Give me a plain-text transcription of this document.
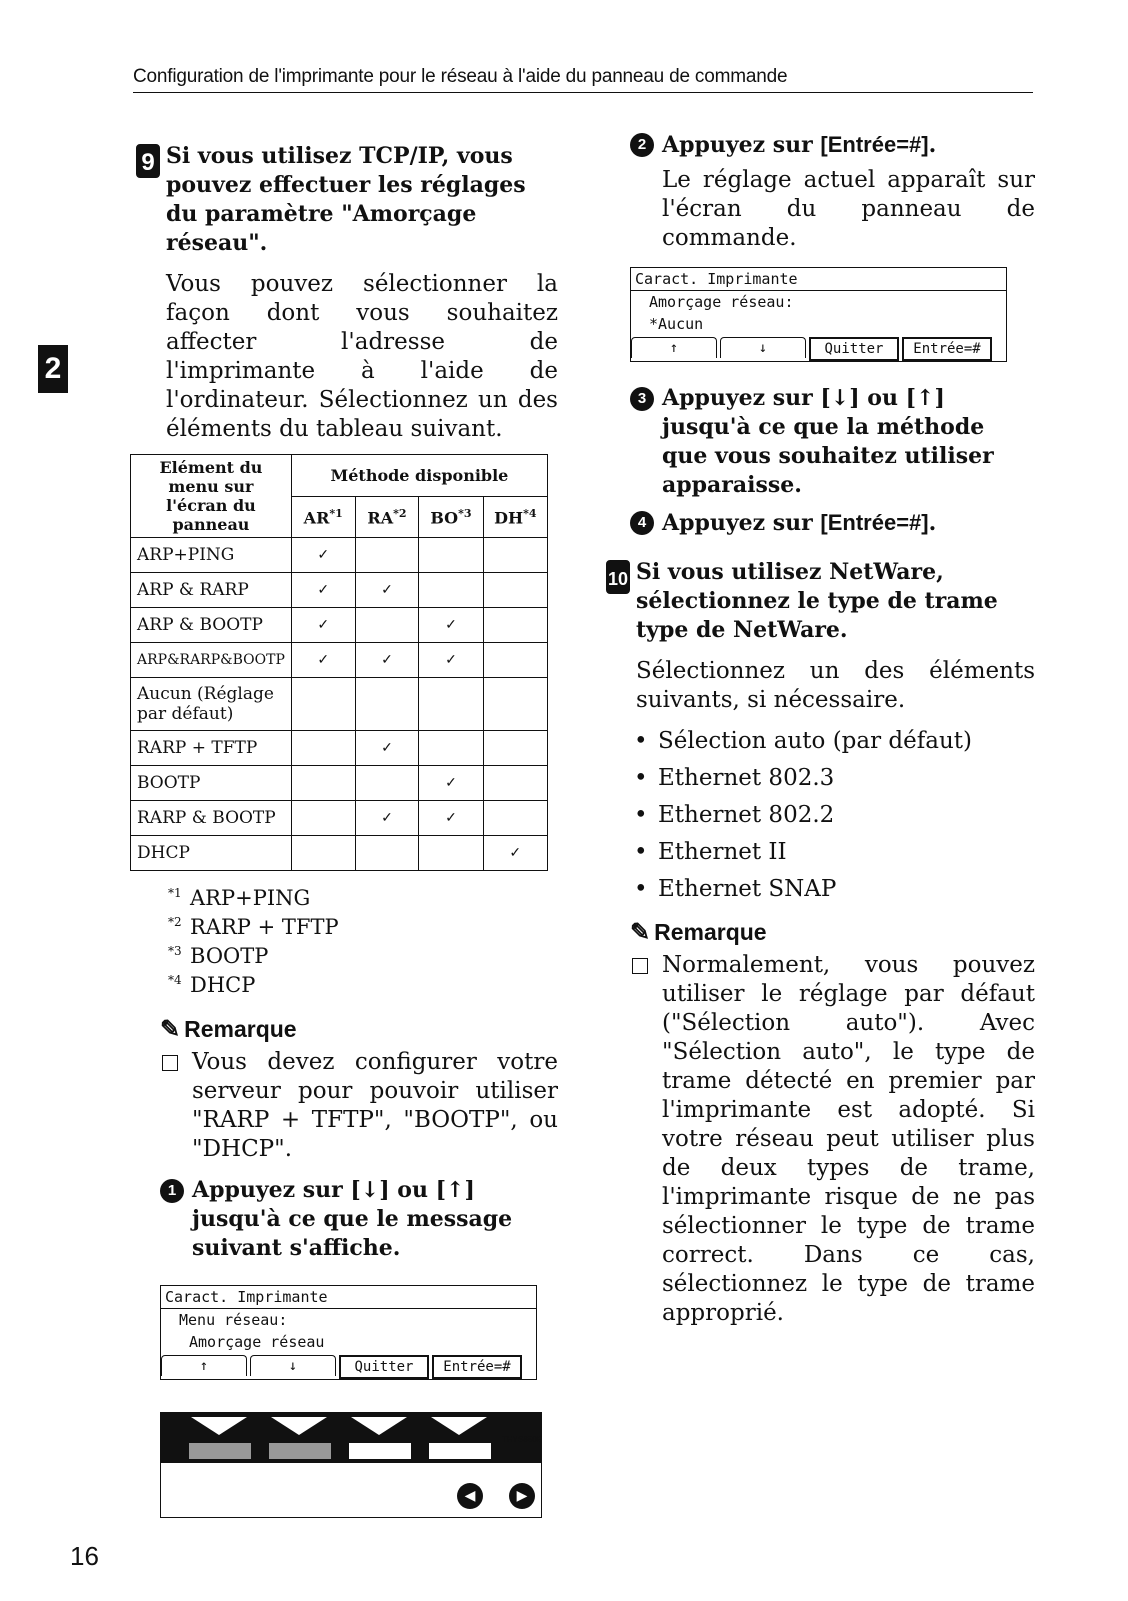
Configuration de l'imprimante pour le réseau à l'aide du panneau de commande
2
9 Si vous utilisez TCP/IP, vous pouvez effectuer les réglages du paramètre "Amorçage réseau".
Vous pouvez sélectionner la façon dont vous souhaitez affecter l'adresse de l'imprimante à l'aide de l'ordinateur. Sélectionnez un des éléments du tableau suivant.
Elément du menu sur l'écran du panneau	Méthode disponible			
	AR$^{*1}$	RA$^{*2}$	BO$^{*3}$	DH$^{*4}$
ARP+PING	✓			
ARP & RARP	✓	✓		
ARP & BOOTP	✓		✓	
ARP&RARP&BOOTP	✓	✓	✓	
Aucun (Réglage par défaut)				
RARP + TFTP		✓		
BOOTP			✓	
RARP & BOOTP		✓	✓	
DHCP				✓
$^{*1}$ ARP+PING
$^{*2}$ RARP + TFTP
$^{*3}$ BOOTP
$^{*4}$ DHCP
✎ Remarque
Vous devez configurer votre serveur pour pouvoir utiliser "RARP + TFTP", "BOOTP", ou "DHCP".
1 Appuyez sur [↓] ou [↑] jusqu'à ce que le message suivant s'affiche.
Caract. Imprimante
Menu réseau:
Amorçage réseau
↑	↓	Quitter	Entrée=#
◀	▶
THYS850E
2 Appuyez sur [Entrée=#].
Le réglage actuel apparaît sur l'écran du panneau de commande.
Caract. Imprimante
Amorçage réseau:
*Aucun
↑	↓	Quitter	Entrée=#
3 Appuyez sur [↓] ou [↑] jusqu'à ce que la méthode que vous souhaitez utiliser apparaisse.
4 Appuyez sur [Entrée=#].
10 Si vous utilisez NetWare, sélectionnez le type de trame type de NetWare.
Sélectionnez un des éléments suivants, si nécessaire.
• Sélection auto (par défaut)
• Ethernet 802.3
• Ethernet 802.2
• Ethernet II
• Ethernet SNAP
✎ Remarque
Normalement, vous pouvez utiliser le réglage par défaut ("Sélection auto"). Avec "Sélection auto", le type de trame détecté en premier par l'imprimante est adopté. Si votre réseau peut utiliser plus de deux types de trame, l'imprimante risque de ne pas sélectionner le type de trame correct. Dans ce cas, sélectionnez le type de trame approprié.
16
